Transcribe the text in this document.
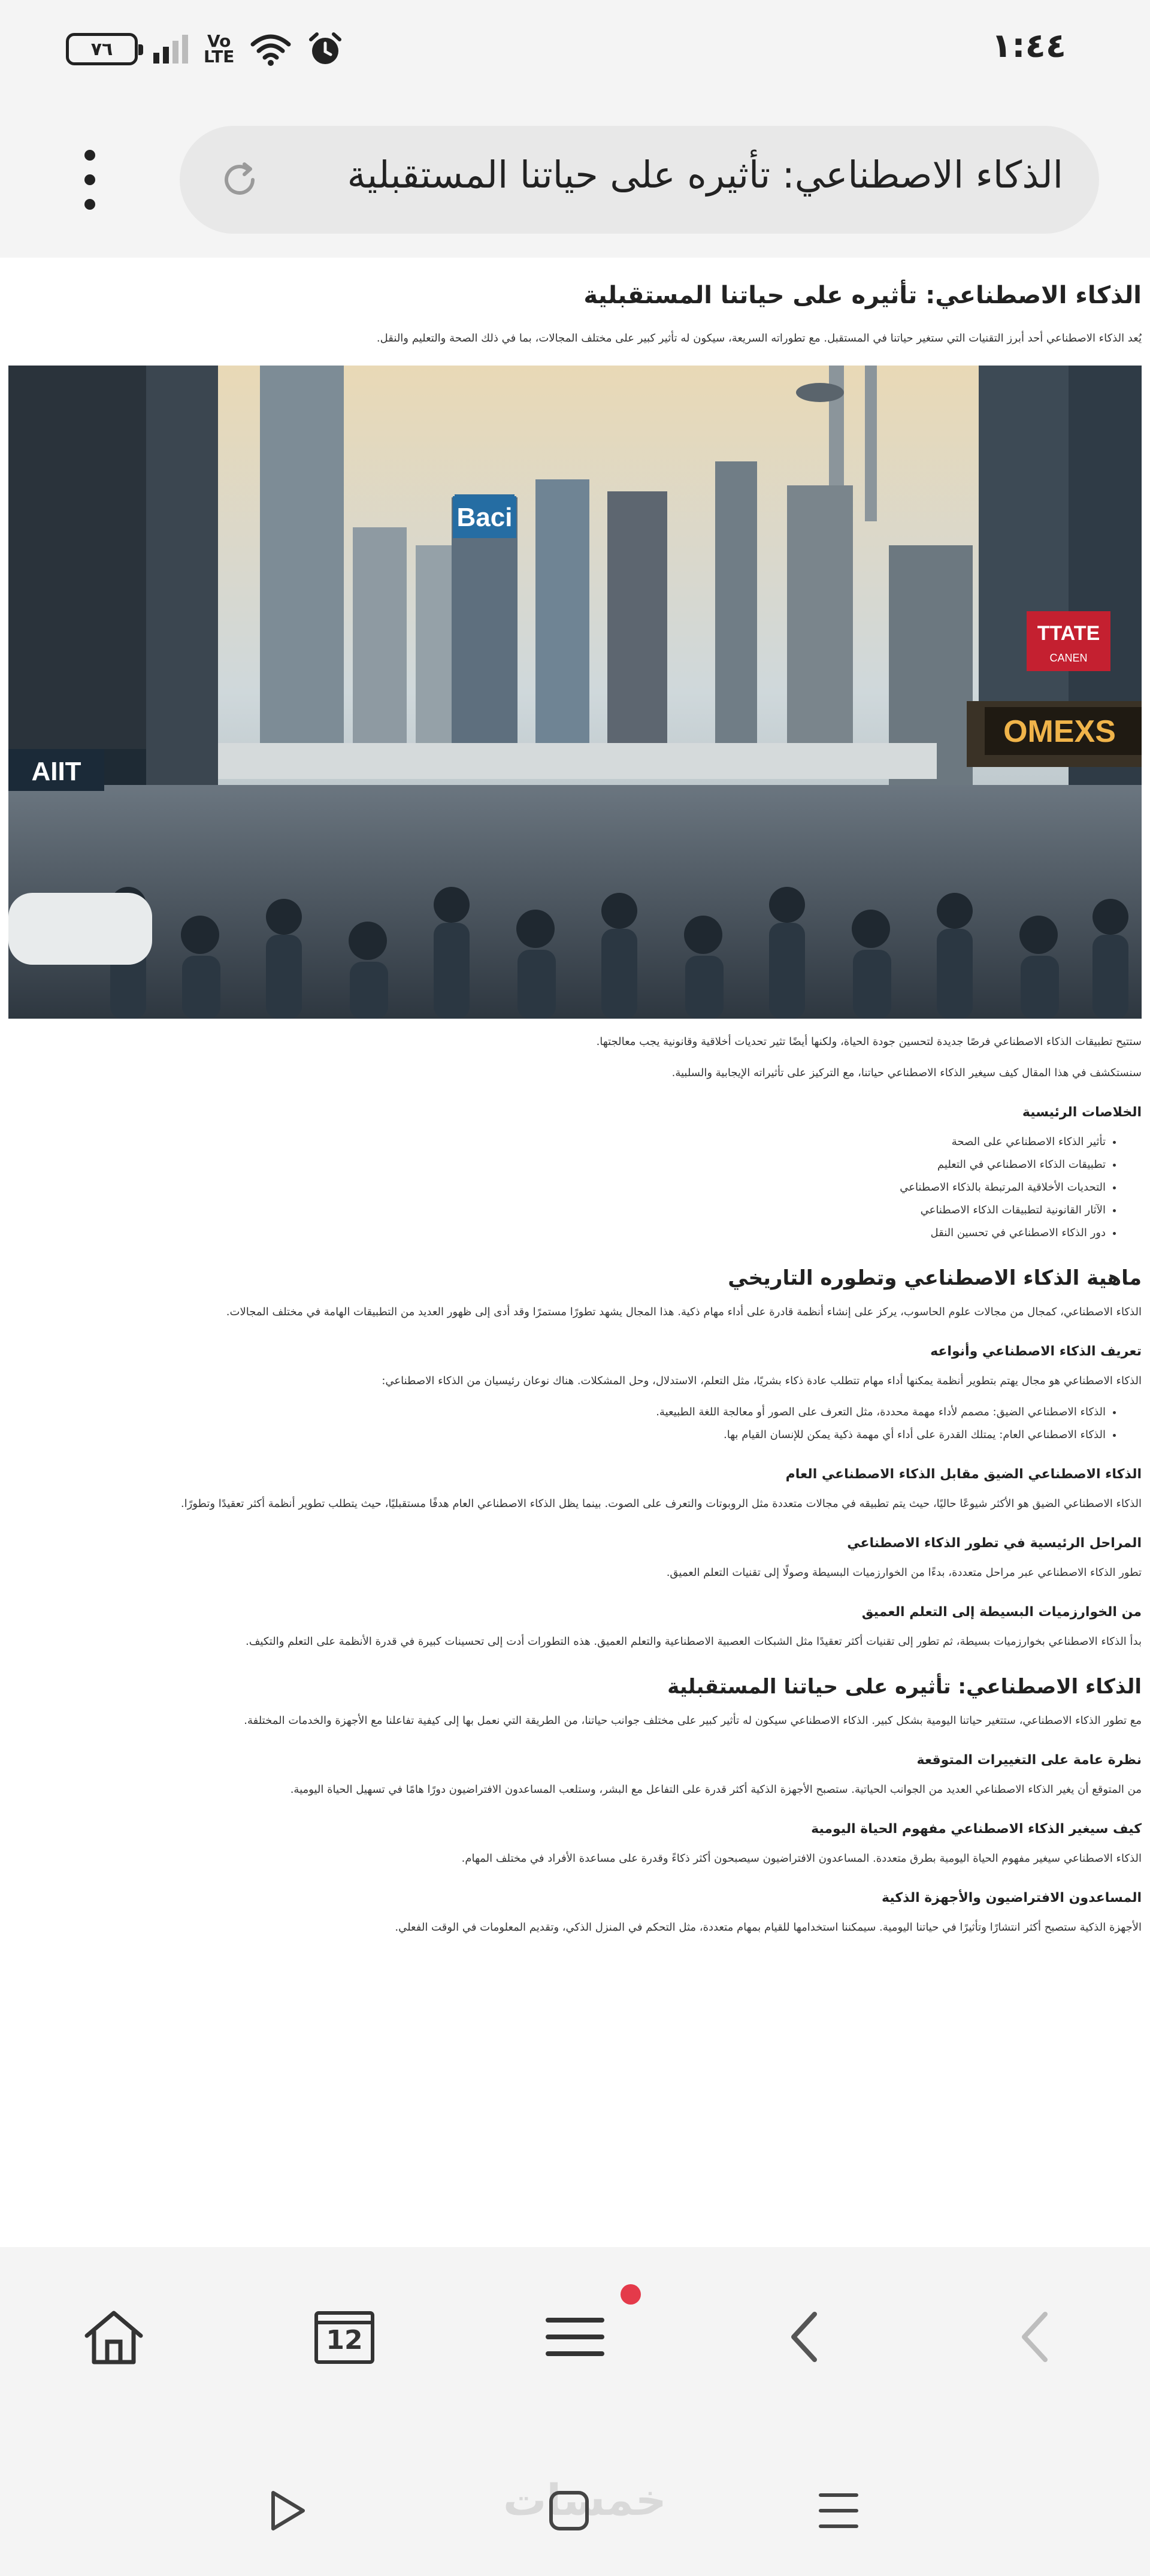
٧٦	Vo
LTE	١:٤٤
الذكاء الاصطناعي: تأثيره على حياتنا المستقبلية
الذكاء الاصطناعي: تأثيره على حياتنا المستقبلية

يُعد الذكاء الاصطناعي أحد أبرز التقنيات التي ستغير حياتنا في المستقبل. مع تطوراته السريعة، سيكون له تأثير كبير على مختلف المجالات، بما في ذلك الصحة والتعليم والنقل.

Baci
TTATE
CANEN
OMEXS
AIIT

ستتيح تطبيقات الذكاء الاصطناعي فرصًا جديدة لتحسين جودة الحياة، ولكنها أيضًا تثير تحديات أخلاقية وقانونية يجب معالجتها.

سنستكشف في هذا المقال كيف سيغير الذكاء الاصطناعي حياتنا، مع التركيز على تأثيراته الإيجابية والسلبية.

الخلاصات الرئيسية
• تأثير الذكاء الاصطناعي على الصحة
• تطبيقات الذكاء الاصطناعي في التعليم
• التحديات الأخلاقية المرتبطة بالذكاء الاصطناعي
• الآثار القانونية لتطبيقات الذكاء الاصطناعي
• دور الذكاء الاصطناعي في تحسين النقل
ماهية الذكاء الاصطناعي وتطوره التاريخي

الذكاء الاصطناعي، كمجال من مجالات علوم الحاسوب، يركز على إنشاء أنظمة قادرة على أداء مهام ذكية. هذا المجال يشهد تطورًا مستمرًا وقد أدى إلى ظهور العديد من التطبيقات الهامة في مختلف المجالات.

تعريف الذكاء الاصطناعي وأنواعه

الذكاء الاصطناعي هو مجال يهتم بتطوير أنظمة يمكنها أداء مهام تتطلب عادة ذكاء بشريًا، مثل التعلم، الاستدلال، وحل المشكلات. هناك نوعان رئيسيان من الذكاء الاصطناعي:

• الذكاء الاصطناعي الضيق: مصمم لأداء مهمة محددة، مثل التعرف على الصور أو معالجة اللغة الطبيعية.
• الذكاء الاصطناعي العام: يمتلك القدرة على أداء أي مهمة ذكية يمكن للإنسان القيام بها.
الذكاء الاصطناعي الضيق مقابل الذكاء الاصطناعي العام

الذكاء الاصطناعي الضيق هو الأكثر شيوعًا حاليًا، حيث يتم تطبيقه في مجالات متعددة مثل الروبوتات والتعرف على الصوت. بينما يظل الذكاء الاصطناعي العام هدفًا مستقبليًا، حيث يتطلب تطوير أنظمة أكثر تعقيدًا وتطورًا.

المراحل الرئيسية في تطور الذكاء الاصطناعي

تطور الذكاء الاصطناعي عبر مراحل متعددة، بدءًا من الخوارزميات البسيطة وصولًا إلى تقنيات التعلم العميق.

من الخوارزميات البسيطة إلى التعلم العميق

بدأ الذكاء الاصطناعي بخوارزميات بسيطة، ثم تطور إلى تقنيات أكثر تعقيدًا مثل الشبكات العصبية الاصطناعية والتعلم العميق. هذه التطورات أدت إلى تحسينات كبيرة في قدرة الأنظمة على التعلم والتكيف.

الذكاء الاصطناعي: تأثيره على حياتنا المستقبلية

مع تطور الذكاء الاصطناعي، ستتغير حياتنا اليومية بشكل كبير. الذكاء الاصطناعي سيكون له تأثير كبير على مختلف جوانب حياتنا، من الطريقة التي نعمل بها إلى كيفية تفاعلنا مع الأجهزة والخدمات المختلفة.

نظرة عامة على التغييرات المتوقعة

من المتوقع أن يغير الذكاء الاصطناعي العديد من الجوانب الحياتية. ستصبح الأجهزة الذكية أكثر قدرة على التفاعل مع البشر، وستلعب المساعدون الافتراضيون دورًا هامًا في تسهيل الحياة اليومية.

كيف سيغير الذكاء الاصطناعي مفهوم الحياة اليومية

الذكاء الاصطناعي سيغير مفهوم الحياة اليومية بطرق متعددة. المساعدون الافتراضيون سيصبحون أكثر ذكاءً وقدرة على مساعدة الأفراد في مختلف المهام.

المساعدون الافتراضيون والأجهزة الذكية

الأجهزة الذكية ستصبح أكثر انتشارًا وتأثيرًا في حياتنا اليومية. سيمكننا استخدامها للقيام بمهام متعددة، مثل التحكم في المنزل الذكي، وتقديم المعلومات في الوقت الفعلي.

12
خمسات
